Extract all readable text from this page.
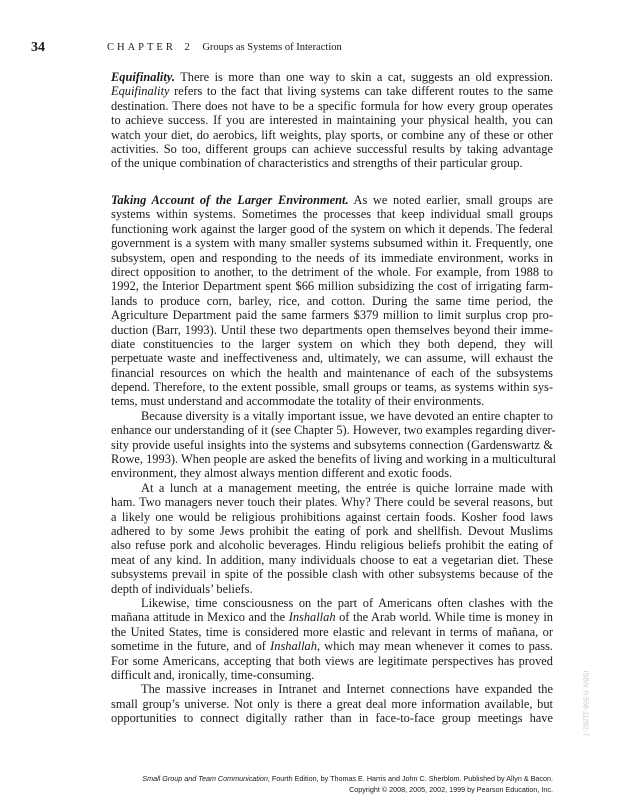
34	CHAPTER 2 Groups as Systems of Interaction
Equifinality. There is more than one way to skin a cat, suggests an old expression.
Equifinality refers to the fact that living systems can take different routes to the same
destination. There does not have to be a specific formula for how every group operates
to achieve success. If you are interested in maintaining your physical health, you can
watch your diet, do aerobics, lift weights, play sports, or combine any of these or other
activities. So too, different groups can achieve successful results by taking advantage
of the unique combination of characteristics and strengths of their particular group.
Taking Account of the Larger Environment. As we noted earlier, small groups are
systems within systems. Sometimes the processes that keep individual small groups
functioning work against the larger good of the system on which it depends. The federal
government is a system with many smaller systems subsumed within it. Frequently, one
subsystem, open and responding to the needs of its immediate environment, works in
direct opposition to another, to the detriment of the whole. For example, from 1988 to
1992, the Interior Department spent $66 million subsidizing the cost of irrigating farm-
lands to produce corn, barley, rice, and cotton. During the same time period, the
Agriculture Department paid the same farmers $379 million to limit surplus crop pro-
duction (Barr, 1993). Until these two departments open themselves beyond their imme-
diate constituencies to the larger system on which they both depend, they will
perpetuate waste and ineffectiveness and, ultimately, we can assume, will exhaust the
financial resources on which the health and maintenance of each of the subsystems
depend. Therefore, to the extent possible, small groups or teams, as systems within sys-
tems, must understand and accommodate the totality of their environments.
Because diversity is a vitally important issue, we have devoted an entire chapter to
enhance our understanding of it (see Chapter 5). However, two examples regarding diver-
sity provide useful insights into the systems and subsytems connection (Gardenswartz &
Rowe, 1993). When people are asked the benefits of living and working in a multicultural
environment, they almost always mention different and exotic foods.
At a lunch at a management meeting, the entrée is quiche lorraine made with
ham. Two managers never touch their plates. Why? There could be several reasons, but
a likely one would be religious prohibitions against certain foods. Kosher food laws
adhered to by some Jews prohibit the eating of pork and shellfish. Devout Muslims
also refuse pork and alcoholic beverages. Hindu religious beliefs prohibit the eating of
meat of any kind. In addition, many individuals choose to eat a vegetarian diet. These
subsystems prevail in spite of the possible clash with other subsystems because of the
depth of individuals’ beliefs.
Likewise, time consciousness on the part of Americans often clashes with the
mañana attitude in Mexico and the Inshallah of the Arab world. While time is money in
the United States, time is considered more elastic and relevant in terms of mañana, or
sometime in the future, and of Inshallah, which may mean whenever it comes to pass.
For some Americans, accepting that both views are legitimate perspectives has proved
difficult and, ironically, time-consuming.
The massive increases in Intranet and Internet connections have expanded the
small group’s universe. Not only is there a great deal more information available, but
opportunities to connect digitally rather than in face-to-face group meetings have
Small Group and Team Communication, Fourth Edition, by Thomas E. Harris and John C. Sherblom. Published by Allyn & Bacon.
Copyright © 2008, 2005, 2002, 1999 by Pearson Education, Inc.
ISBN: 0-558-11282-7
